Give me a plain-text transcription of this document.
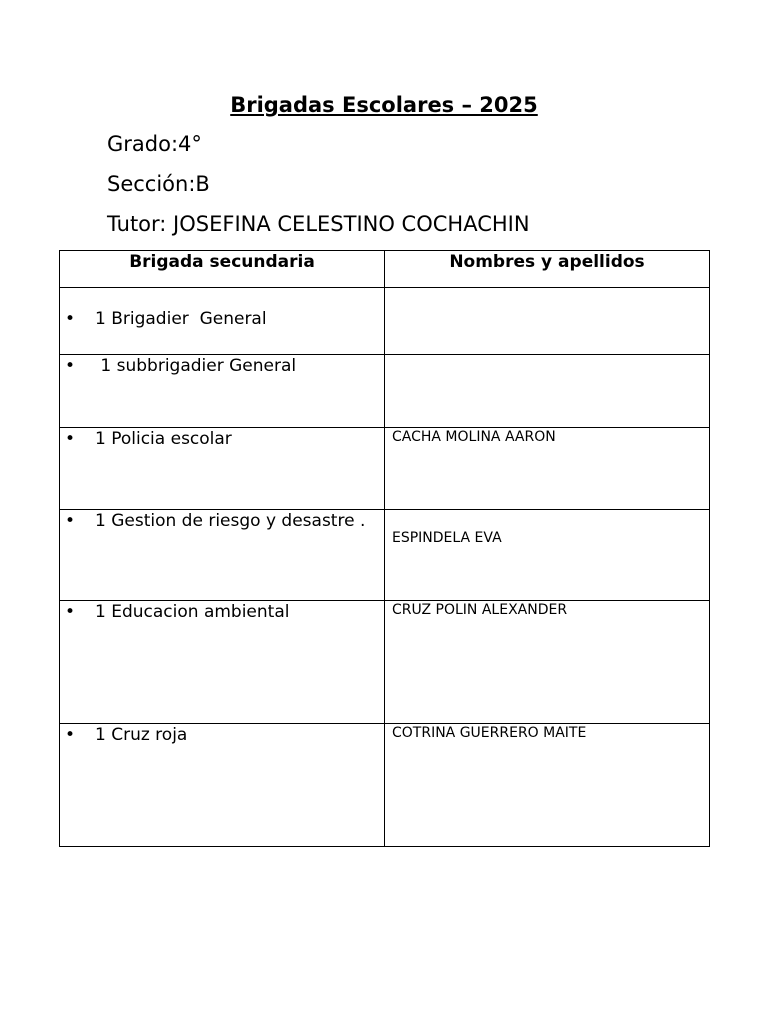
Brigadas Escolares – 2025
Grado:4°
Sección:B
Tutor: JOSEFINA CELESTINO COCHACHIN
Brigada secundaria	Nombres y apellidos

• 1 Brigadier  General	

• 1 subbrigadier General	

• 1 Policia escolar	CACHA MOLINA AARON

• 1 Gestion de riesgo y desastre .	ESPINDELA EVA

• 1 Educacion ambiental	CRUZ POLIN ALEXANDER

• 1 Cruz roja	COTRINA GUERRERO MAITE
